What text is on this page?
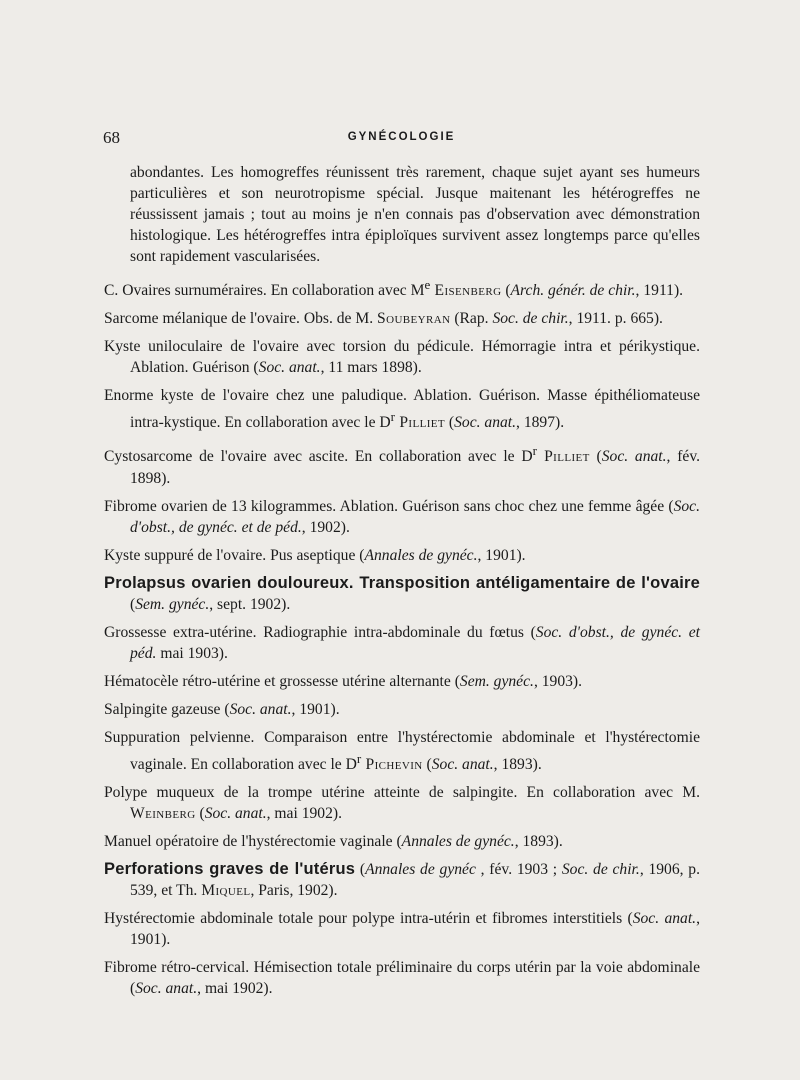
68	GYNÉCOLOGIE

abondantes. Les homogreffes réunissent très rarement, chaque sujet ayant ses humeurs particulières et son neurotropisme spécial. Jusque maitenant les hétérogreffes ne réussissent jamais ; tout au moins je n'en connais pas d'observation avec démonstration histologique. Les hétérogreffes intra épiploïques survivent assez longtemps parce qu'elles sont rapidement vascularisées.

C. Ovaires surnuméraires. En collaboration avec Me Eisenberg (Arch. génér. de chir., 1911).

Sarcome mélanique de l'ovaire. Obs. de M. Soubeyran (Rap. Soc. de chir., 1911. p. 665).

Kyste uniloculaire de l'ovaire avec torsion du pédicule. Hémorragie intra et périkystique. Ablation. Guérison (Soc. anat., 11 mars 1898).

Enorme kyste de l'ovaire chez une paludique. Ablation. Guérison. Masse épithéliomateuse intra-kystique. En collaboration avec le $D^r$ Pilliet (Soc. anat., 1897).

Cystosarcome de l'ovaire avec ascite. En collaboration avec le $D^r$ Pilliet (Soc. anat., fév. 1898).

Fibrome ovarien de 13 kilogrammes. Ablation. Guérison sans choc chez une femme âgée (Soc. d'obst., de gynéc. et de péd., 1902).

Kyste suppuré de l'ovaire. Pus aseptique (Annales de gynéc., 1901).

Prolapsus ovarien douloureux. Transposition antéligamentaire de l'ovaire (Sem. gynéc., sept. 1902).

Grossesse extra-utérine. Radiographie intra-abdominale du fœtus (Soc. d'obst., de gynéc. et péd. mai 1903).

Hématocèle rétro-utérine et grossesse utérine alternante (Sem. gynéc., 1903).

Salpingite gazeuse (Soc. anat., 1901).

Suppuration pelvienne. Comparaison entre l'hystérectomie abdominale et l'hystérectomie vaginale. En collaboration avec le $D^r$ Pichevin (Soc. anat., 1893).

Polype muqueux de la trompe utérine atteinte de salpingite. En collaboration avec M. Weinberg (Soc. anat., mai 1902).

Manuel opératoire de l'hystérectomie vaginale (Annales de gynéc., 1893).

Perforations graves de l'utérus (Annales de gynéc , fév. 1903 ; Soc. de chir., 1906, p. 539, et Th. Miquel, Paris, 1902).

Hystérectomie abdominale totale pour polype intra-utérin et fibromes interstitiels (Soc. anat., 1901).

Fibrome rétro-cervical. Hémisection totale préliminaire du corps utérin par la voie abdominale (Soc. anat., mai 1902).
